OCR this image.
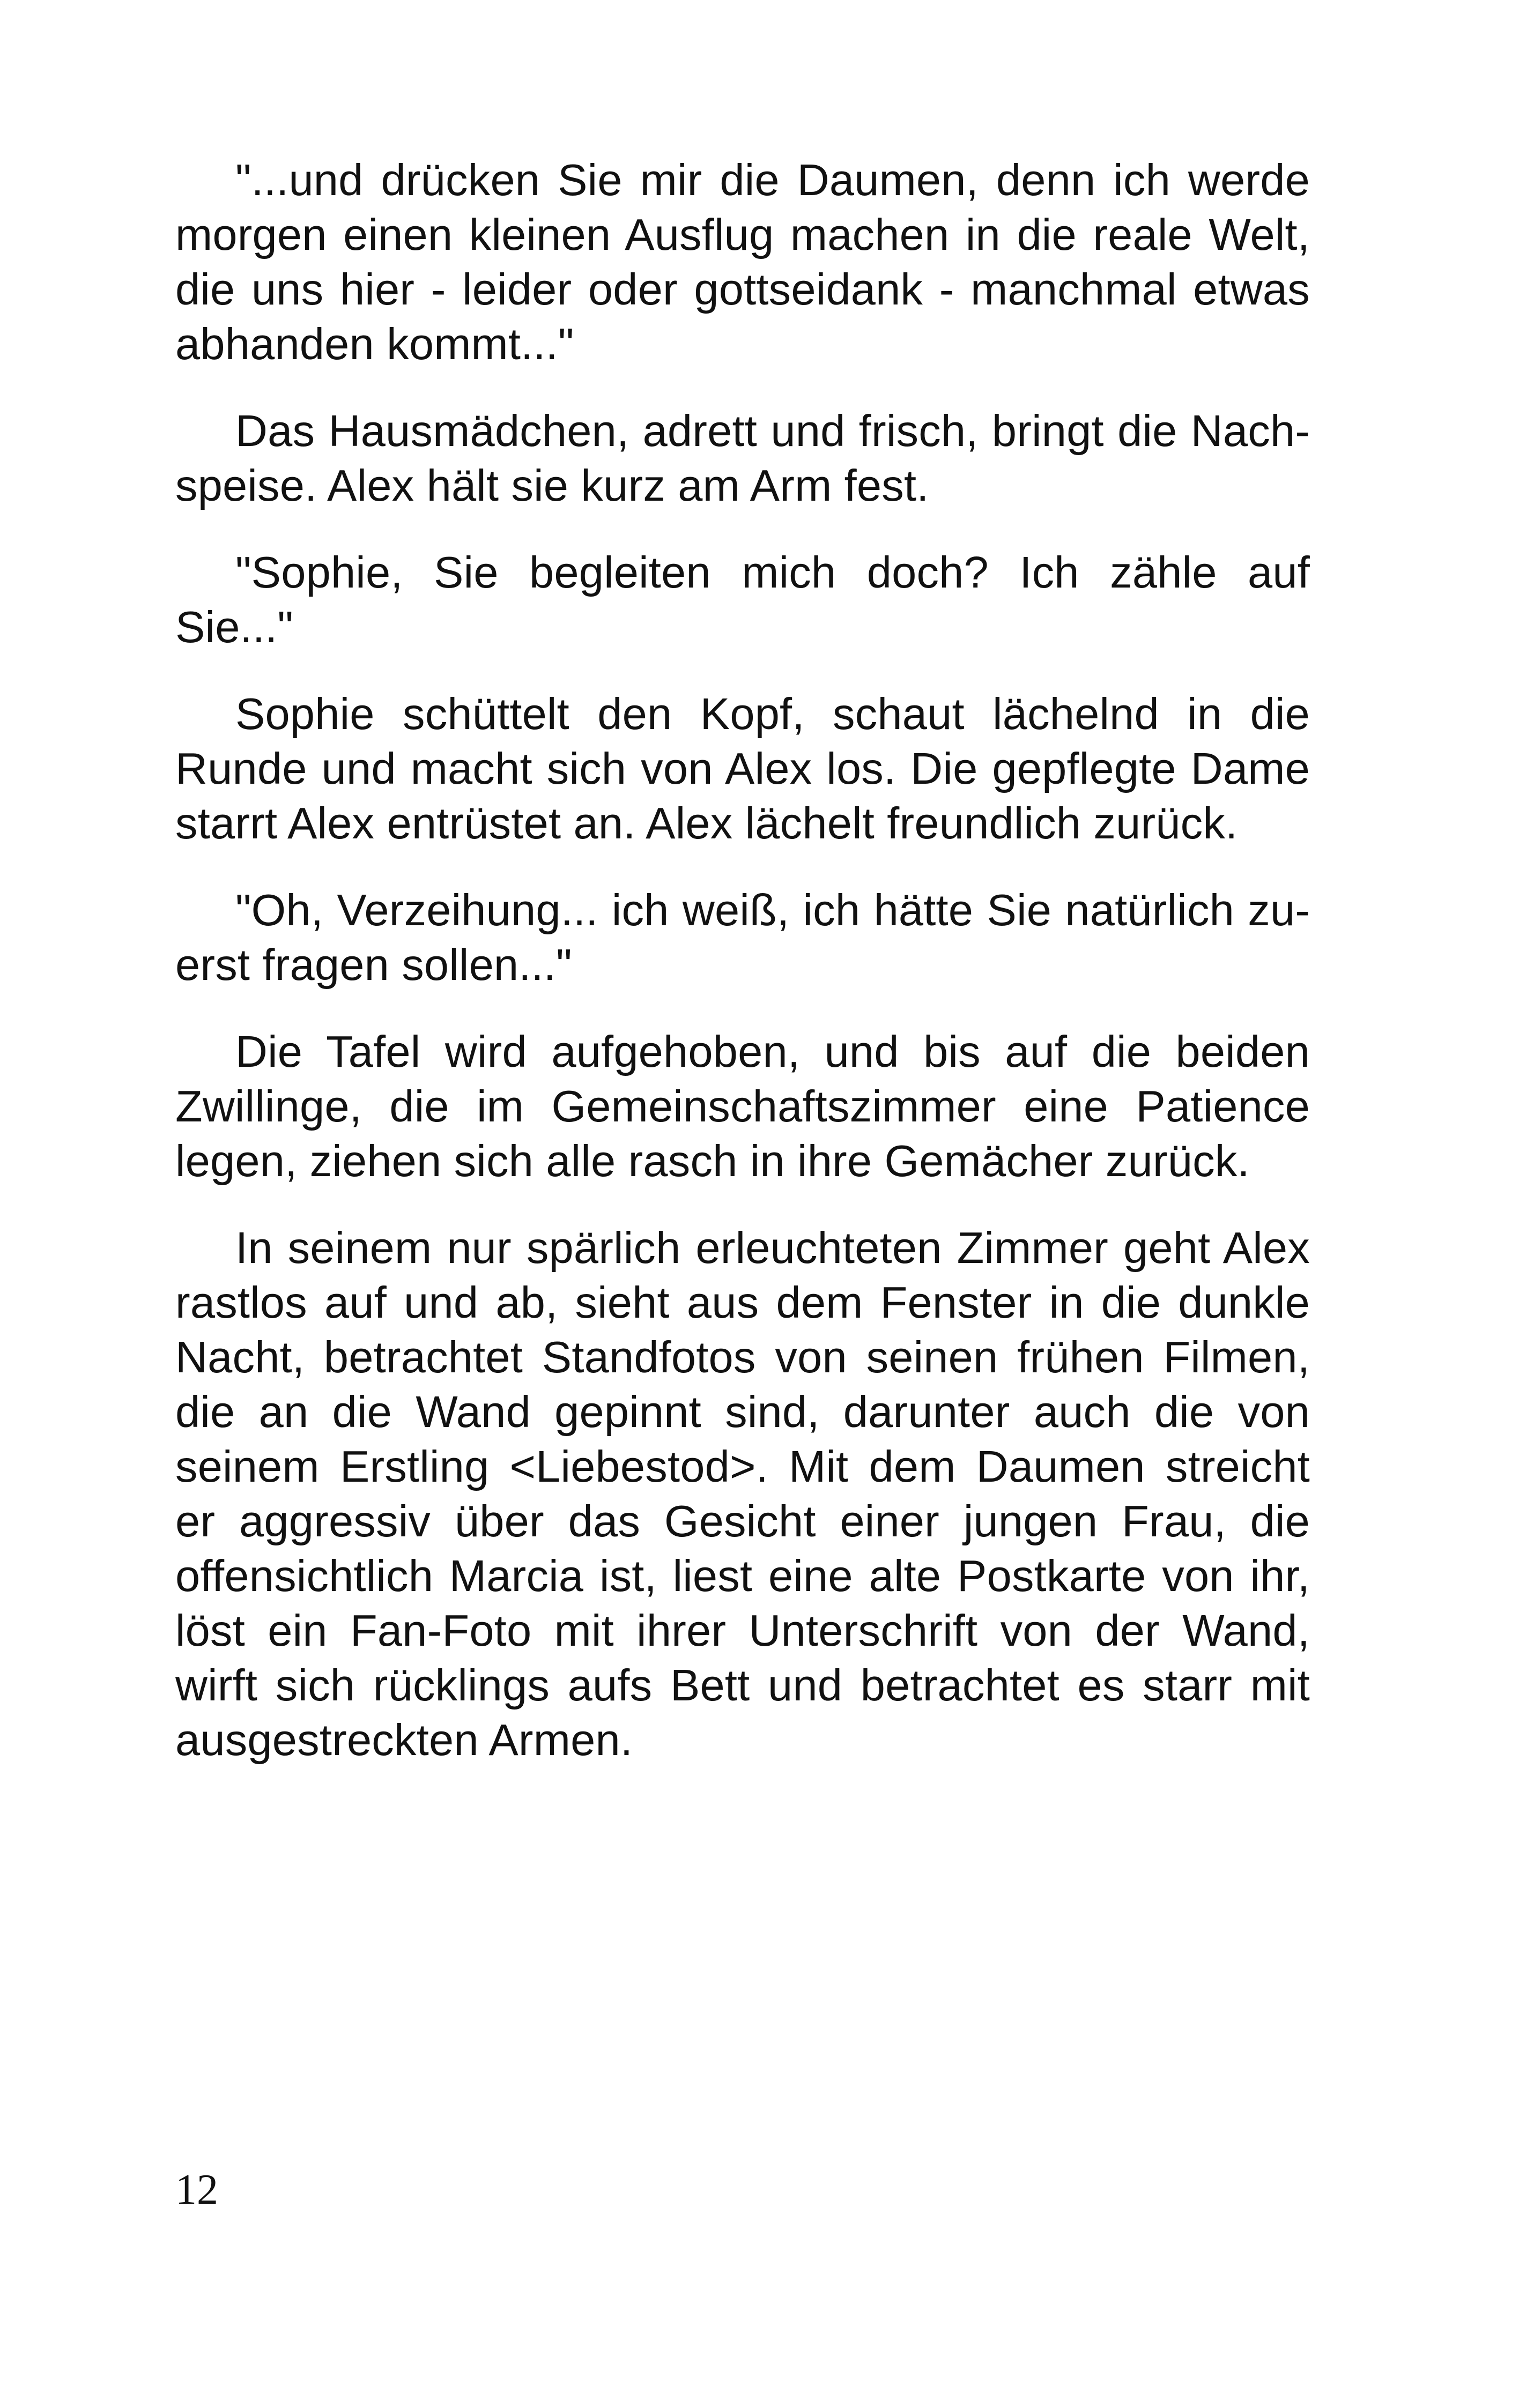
"...und drücken Sie mir die Daumen, denn ich werde morgen einen kleinen Ausflug machen in die reale Welt, die uns hier - leider oder gottseidank - manchmal etwas abhanden kommt..."

Das Hausmädchen, adrett und frisch, bringt die Nachspeise. Alex hält sie kurz am Arm fest.

"Sophie, Sie begleiten mich doch? Ich zähle auf Sie..."

Sophie schüttelt den Kopf, schaut lächelnd in die Runde und macht sich von Alex los. Die gepflegte Dame starrt Alex entrüstet an. Alex lächelt freundlich zurück.

"Oh, Verzeihung... ich weiß, ich hätte Sie natürlich zuerst fragen sollen..."

Die Tafel wird aufgehoben, und bis auf die beiden Zwillinge, die im Gemeinschaftszimmer eine Patience legen, ziehen sich alle rasch in ihre Gemächer zurück.

In seinem nur spärlich erleuchteten Zimmer geht Alex rastlos auf und ab, sieht aus dem Fenster in die dunkle Nacht, betrachtet Standfotos von seinen frühen Filmen, die an die Wand gepinnt sind, darunter auch die von seinem Erstling <Liebestod>. Mit dem Daumen streicht er aggressiv über das Gesicht einer jungen Frau, die offensichtlich Marcia ist, liest eine alte Postkarte von ihr, löst ein Fan-Foto mit ihrer Unterschrift von der Wand, wirft sich rücklings aufs Bett und betrachtet es starr mit ausgestreckten Armen.

12
